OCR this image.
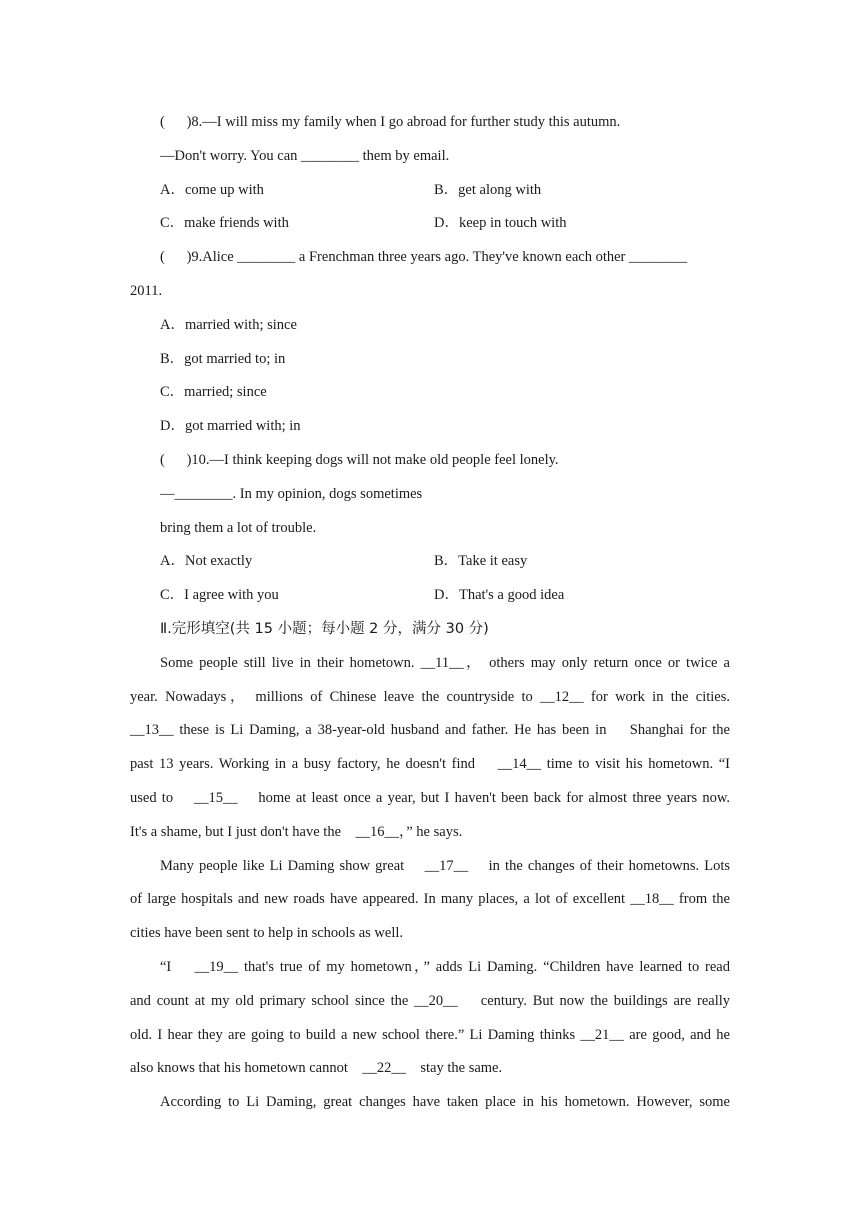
(      )8.—I will miss my family when I go abroad for further study this autumn.
—Don't worry. You can ________ them by email.
A．come up with	B．get along with
C．make friends with	D．keep in touch with
(      )9.Alice ________ a Frenchman three years ago. They've known each other ________
2011.
A．married with; since
B．got married to; in
C．married; since
D．got married with; in
(      )10.—I think keeping dogs will not make old people feel lonely.
—________. In my opinion, dogs sometimes
bring them a lot of trouble.
A．Not exactly	B．Take it easy
C．I agree with you	D．That's a good idea
Ⅱ.完形填空(共 15 小题；每小题 2 分，满分 30 分)
Some people still live in their hometown. __11__， others may only return once or twice a
year. Nowadays， millions of Chinese leave the countryside to __12__ for work in the cities.
__13__ these is Li Daming, a 38-year-old husband and father. He has been in    Shanghai for the
past 13 years. Working in a busy factory, he doesn't find    __14__ time to visit his hometown. “I
used to    __15__    home at least once a year, but I haven't been back for almost three years now.
It's a shame, but I just don't have the    __16__，” he says.
Many people like Li Daming show great    __17__    in the changes of their hometowns. Lots
of large hospitals and new roads have appeared. In many places, a lot of excellent __18__ from the
cities have been sent to help in schools as well.
“I    __19__ that's true of my hometown，” adds Li Daming. “Children have learned to read
and count at my old primary school since the __20__    century. But now the buildings are really
old. I hear they are going to build a new school there.” Li Daming thinks __21__ are good, and he
also knows that his hometown cannot    __22__    stay the same.
According to Li Daming, great changes have taken place in his hometown. However, some
